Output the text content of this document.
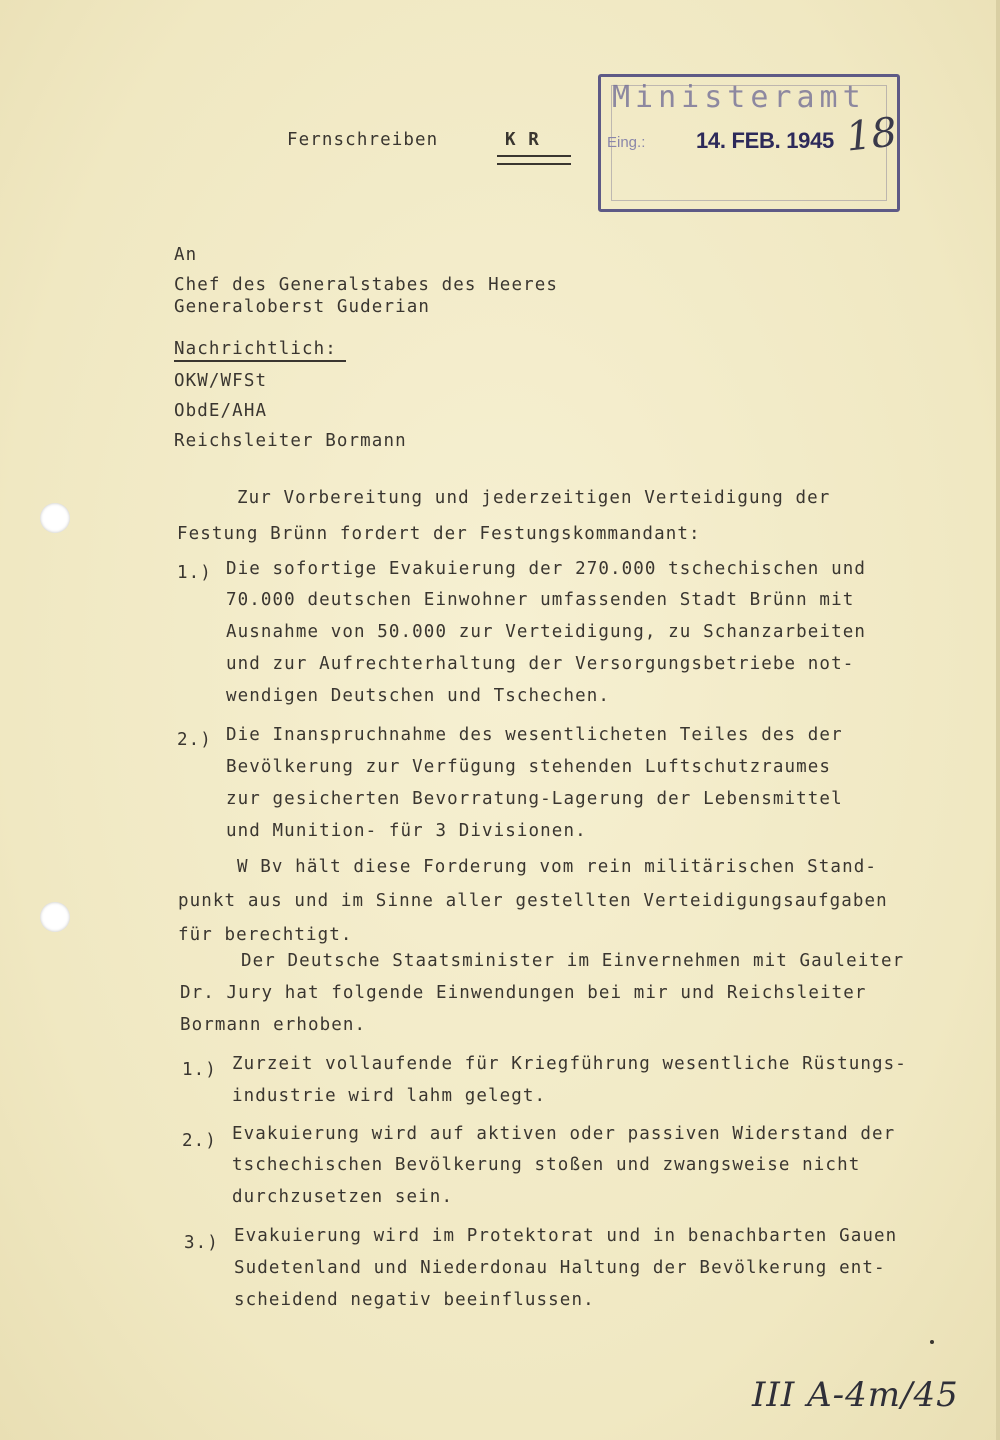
Fernschreiben	K R
Ministeramt
Eing.: 14. FEB. 1945 18
An
Chef des Generalstabes des Heeres
Generaloberst Guderian
Nachrichtlich:
OKW/WFSt
ObdE/AHA
Reichsleiter Bormann
Zur Vorbereitung und jederzeitigen Verteidigung der
Festung Brünn fordert der Festungskommandant:
1.) Die sofortige Evakuierung der 270.000 tschechischen und
70.000 deutschen Einwohner umfassenden Stadt Brünn mit
Ausnahme von 50.000 zur Verteidigung, zu Schanzarbeiten
und zur Aufrechterhaltung der Versorgungsbetriebe not-
wendigen Deutschen und Tschechen.
2.) Die Inanspruchnahme des wesentlicheten Teiles des der
Bevölkerung zur Verfügung stehenden Luftschutzraumes
zur gesicherten Bevorratung-Lagerung der Lebensmittel
und Munition- für 3 Divisionen.
W Bv hält diese Forderung vom rein militärischen Stand-
punkt aus und im Sinne aller gestellten Verteidigungsaufgaben
für berechtigt.
Der Deutsche Staatsminister im Einvernehmen mit Gauleiter
Dr. Jury hat folgende Einwendungen bei mir und Reichsleiter
Bormann erhoben.
1.) Zurzeit vollaufende für Kriegführung wesentliche Rüstungs-
industrie wird lahm gelegt.
2.) Evakuierung wird auf aktiven oder passiven Widerstand der
tschechischen Bevölkerung stoßen und zwangsweise nicht
durchzusetzen sein.
3.) Evakuierung wird im Protektorat und in benachbarten Gauen
Sudetenland und Niederdonau Haltung der Bevölkerung ent-
scheidend negativ beeinflussen.
III A-4m/45
